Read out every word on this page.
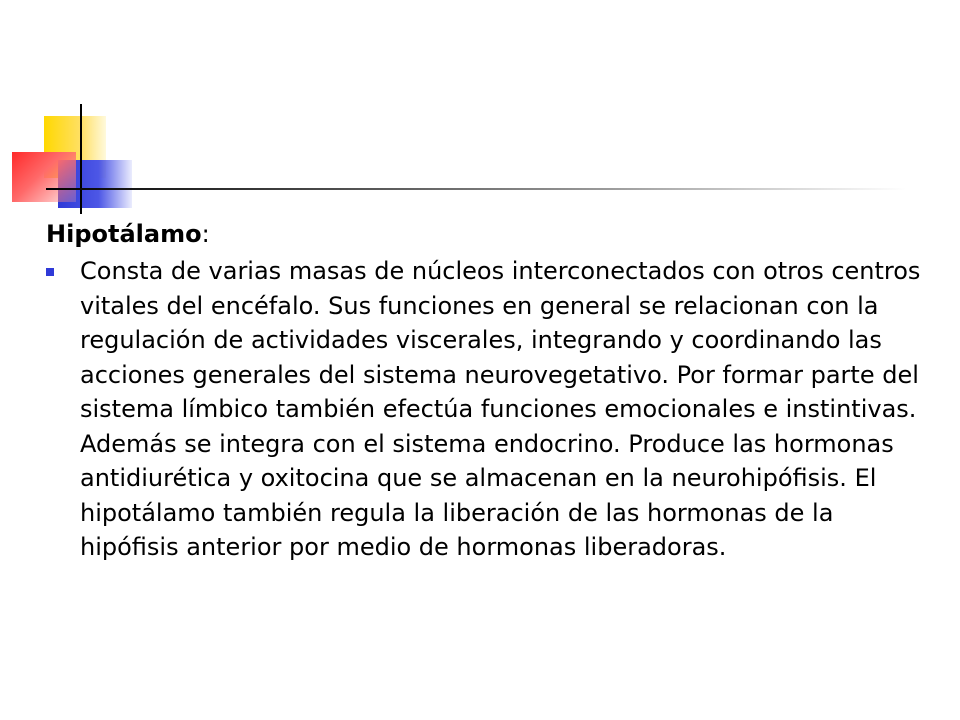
Hipotálamo:
Consta de varias masas de núcleos interconectados con otros centros vitales del encéfalo. Sus funciones en general se relacionan con la regulación de actividades viscerales, integrando y coordinando las acciones generales del sistema neurovegetativo. Por formar parte del sistema límbico también efectúa funciones emocionales e instintivas. Además se integra con el sistema endocrino. Produce las hormonas antidiurética y oxitocina que se almacenan en la neurohipófisis. El hipotálamo también regula la liberación de las hormonas de la hipófisis anterior por medio de hormonas liberadoras.
